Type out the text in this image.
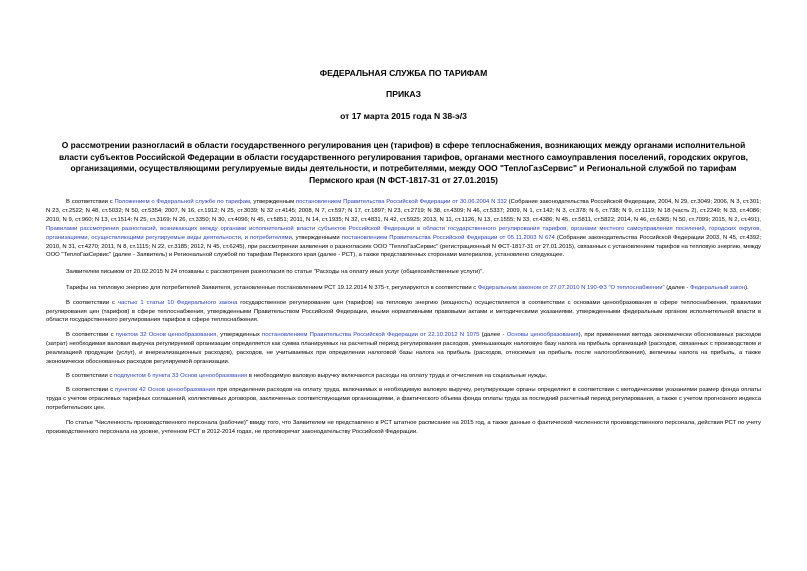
ФЕДЕРАЛЬНАЯ СЛУЖБА ПО ТАРИФАМ
ПРИКАЗ
от 17 марта 2015 года N 38-э/3
О рассмотрении разногласий в области государственного регулирования цен (тарифов) в сфере теплоснабжения, возникающих между органами исполнительной власти субъектов Российской Федерации в области государственного регулирования тарифов, органами местного самоуправления поселений, городских округов, организациями, осуществляющими регулируемые виды деятельности, и потребителями, между ООО "ТеплоГазСервис" и Региональной службой по тарифам Пермского края (N ФСТ-1817-31 от 27.01.2015)

В соответствии с Положением о Федеральной службе по тарифам, утвержденным постановлением Правительства Российской Федерации от 30.06.2004 N 332 (Собрание законодательства Российской Федерации, 2004, N 29, ст.3049; 2006, N 3, ст.301; N 23, ст.2522; N 48, ст.5032; N 50, ст.5354; 2007, N 16, ст.1912; N 25, ст.3039; N 32 ст.4145; 2008, N 7, ст.597; N 17, ст.1897; N 23, ст.2719; N 38, ст.4309; N 46, ст.5337; 2009, N 1, ст.142; N 3, ст.378; N 6, ст.738; N 9, ст.1119; N 18 (часть 2), ст.2249; N 33, ст.4086; 2010, N 9, ст.960; N 13, ст.1514; N 25, ст.3169; N 26, ст.3350; N 30, ст.4096; N 45, ст.5851; 2011, N 14, ст.1935; N 32, ст.4831, N 42, ст.5925; 2013, N 11, ст.1126, N 13, ст.1555; N 33, ст.4386; N 45, ст.5811, ст.5822; 2014, N 46, ст.6365; N 50, ст.7099; 2015, N 2, ст.491), Правилами рассмотрения разногласий, возникающих между органами исполнительной власти субъектов Российской Федерации в области государственного регулирования тарифов, органами местного самоуправления поселений, городских округов, организациями, осуществляющими регулируемые виды деятельности, и потребителями, утвержденными постановлением Правительства Российской Федерации от 05.11.2003 N 674 (Собрание законодательства Российской Федерации 2003, N 45, ст.4392; 2010, N 31, ст.4270; 2011, N 8, ст.1115; N 22, ст.3185; 2012, N 45, ст.6245), при рассмотрении заявления о разногласиях ООО "ТеплоГазСервис" (регистрационный N ФСТ-1817-31 от 27.01.2015), связанных с установлением тарифов на тепловую энергию, между ООО "ТеплоГазСервис" (далее - Заявитель) и Региональной службой по тарифам Пермского края (далее - РСТ), а также представленных сторонами материалов, установлено следующее.

Заявителем письмом от 20.02.2015 N 24 отозваны с рассмотрения разногласия по статье "Расходы на оплату иных услуг (общехозяйственные услуги)".

Тарифы на тепловую энергию для потребителей Заявителя, установленные постановлением РСТ 19.12.2014 N 375-т, регулируются в соответствии с Федеральным законом от 27.07.2010 N 190-ФЗ "О теплоснабжении" (далее - Федеральный закон).

В соответствии с частью 1 статьи 10 Федерального закона государственное регулирование цен (тарифов) на тепловую энергию (мощность) осуществляется в соответствии с основами ценообразования в сфере теплоснабжения, правилами регулирования цен (тарифов) в сфере теплоснабжения, утвержденными Правительством Российской Федерации, иными нормативными правовыми актами и методическими указаниями, утвержденными федеральным органом исполнительной власти в области государственного регулирования тарифов в сфере теплоснабжения.

В соответствии с пунктом 32 Основ ценообразования, утвержденных постановлением Правительства Российской Федерации от 22.10.2012 N 1075 (далее - Основы ценообразования), при применении метода экономически обоснованных расходов (затрат) необходимая валовая выручка регулируемой организации определяется как сумма планируемых на расчетный период регулирования расходов, уменьшающих налоговую базу налога на прибыль организаций (расходов, связанных с производством и реализацией продукции (услуг), и внереализационных расходов), расходов, не учитываемых при определении налоговой базы налога на прибыль (расходов, относимых на прибыль после налогообложения), величины налога на прибыль, а также экономически обоснованных расходов регулируемой организации.

В соответствии с подпунктом 6 пункта 33 Основ ценообразования в необходимую валовую выручку включаются расходы на оплату труда и отчисления на социальные нужды.

В соответствии с пунктом 42 Основ ценообразования при определении расходов на оплату труда, включаемых в необходимую валовую выручку, регулирующие органы определяют в соответствии с методическими указаниями размер фонда оплаты труда с учетом отраслевых тарифных соглашений, коллективных договоров, заключенных соответствующими организациями, и фактического объема фонда оплаты труда за последний расчетный период регулирования, а также с учетом прогнозного индекса потребительских цен.

По статье "Численность производственного персонала (рабочие)" ввиду того, что Заявителем не представлено в РСТ штатное расписание на 2015 год, а также данные о фактической численности производственного персонала, действия РСТ по учету производственного персонала на уровне, учтенном РСТ в 2012-2014 годах, не противоречат законодательству Российской Федерации.
